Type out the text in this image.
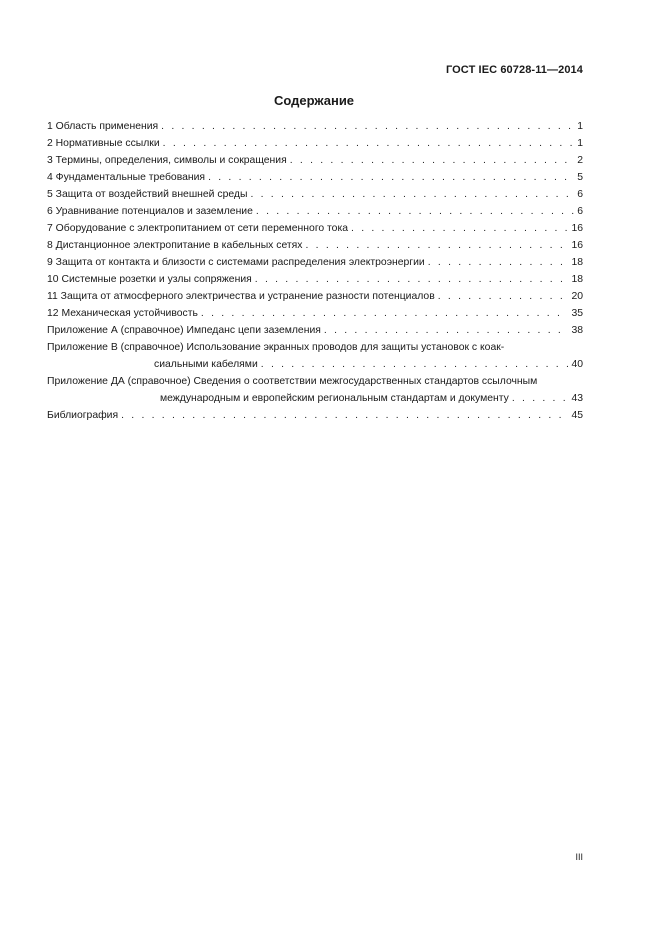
ГОСТ IEC 60728-11—2014
Содержание
1 Область применения . . .	1
2 Нормативные ссылки . . .	1
3 Термины, определения, символы и сокращения . . .	2
4 Фундаментальные требования . . .	5
5 Защита от воздействий внешней среды . . .	6
6 Уравнивание потенциалов и заземление . . .	6
7 Оборудование с электропитанием от сети переменного тока . . .	16
8 Дистанционное электропитание в кабельных сетях . . .	16
9 Защита от контакта и близости с системами распределения электроэнергии . . .	18
10 Системные розетки и узлы сопряжения . . .	18
11 Защита от атмосферного электричества и устранение разности потенциалов . . .	20
12 Механическая устойчивость . . .	35
Приложение А (справочное) Импеданс цепи заземления . . .	38
Приложение В (справочное) Использование экранных проводов для защиты установок с коак-
сиальными кабелями . . .	40
Приложение ДА (справочное) Сведения о соответствии межгосударственных стандартов ссылочным
международным и европейским региональным стандартам и документу . . .	43
Библиография . . .	45
III
